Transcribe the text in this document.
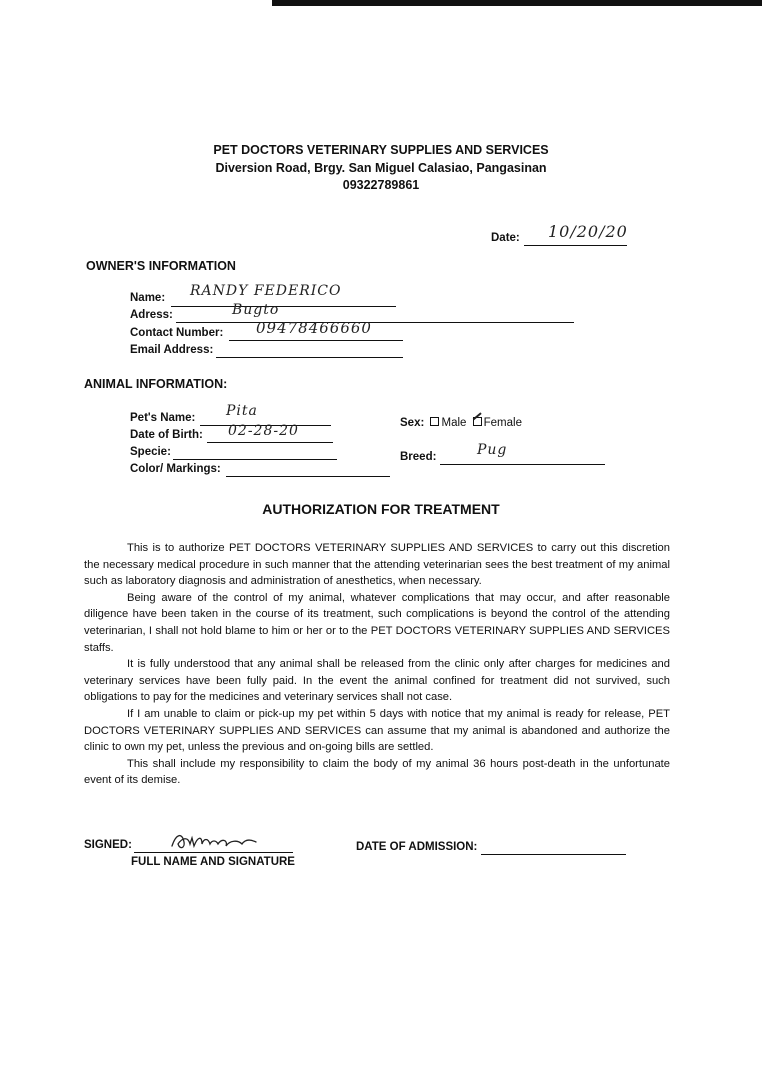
PET DOCTORS VETERINARY SUPPLIES AND SERVICES
Diversion Road, Brgy. San Miguel Calasiao, Pangasinan
09322789861
Date: 10/20/20
OWNER'S INFORMATION
Name: RANDY FEDERICO
Adress:	Bugto
Contact Number: 09478466660
Email Address:
ANIMAL INFORMATION:
Pet's Name: Pita
Date of Birth: 02-28-20
Specie:
Color/ Markings:
Sex: Male Female
Breed:	Pug
AUTHORIZATION FOR TREATMENT

This is to authorize PET DOCTORS VETERINARY SUPPLIES AND SERVICES to carry out this discretion the necessary medical procedure in such manner that the attending veterinarian sees the best treatment of my animal such as laboratory diagnosis and administration of anesthetics, when necessary.

Being aware of the control of my animal, whatever complications that may occur, and after reasonable diligence have been taken in the course of its treatment, such complications is beyond the control of the attending veterinarian, I shall not hold blame to him or her or to the PET DOCTORS VETERINARY SUPPLIES AND SERVICES staffs.

It is fully understood that any animal shall be released from the clinic only after charges for medicines and veterinary services have been fully paid. In the event the animal confined for treatment did not survived, such obligations to pay for the medicines and veterinary services shall not case.

If I am unable to claim or pick-up my pet within 5 days with notice that my animal is ready for release, PET DOCTORS VETERINARY SUPPLIES AND SERVICES can assume that my animal is abandoned and authorize the clinic to own my pet, unless the previous and on-going bills are settled.

This shall include my responsibility to claim the body of my animal 36 hours post-death in the unfortunate event of its demise.

SIGNED:
FULL NAME AND SIGNATURE
DATE OF ADMISSION:
